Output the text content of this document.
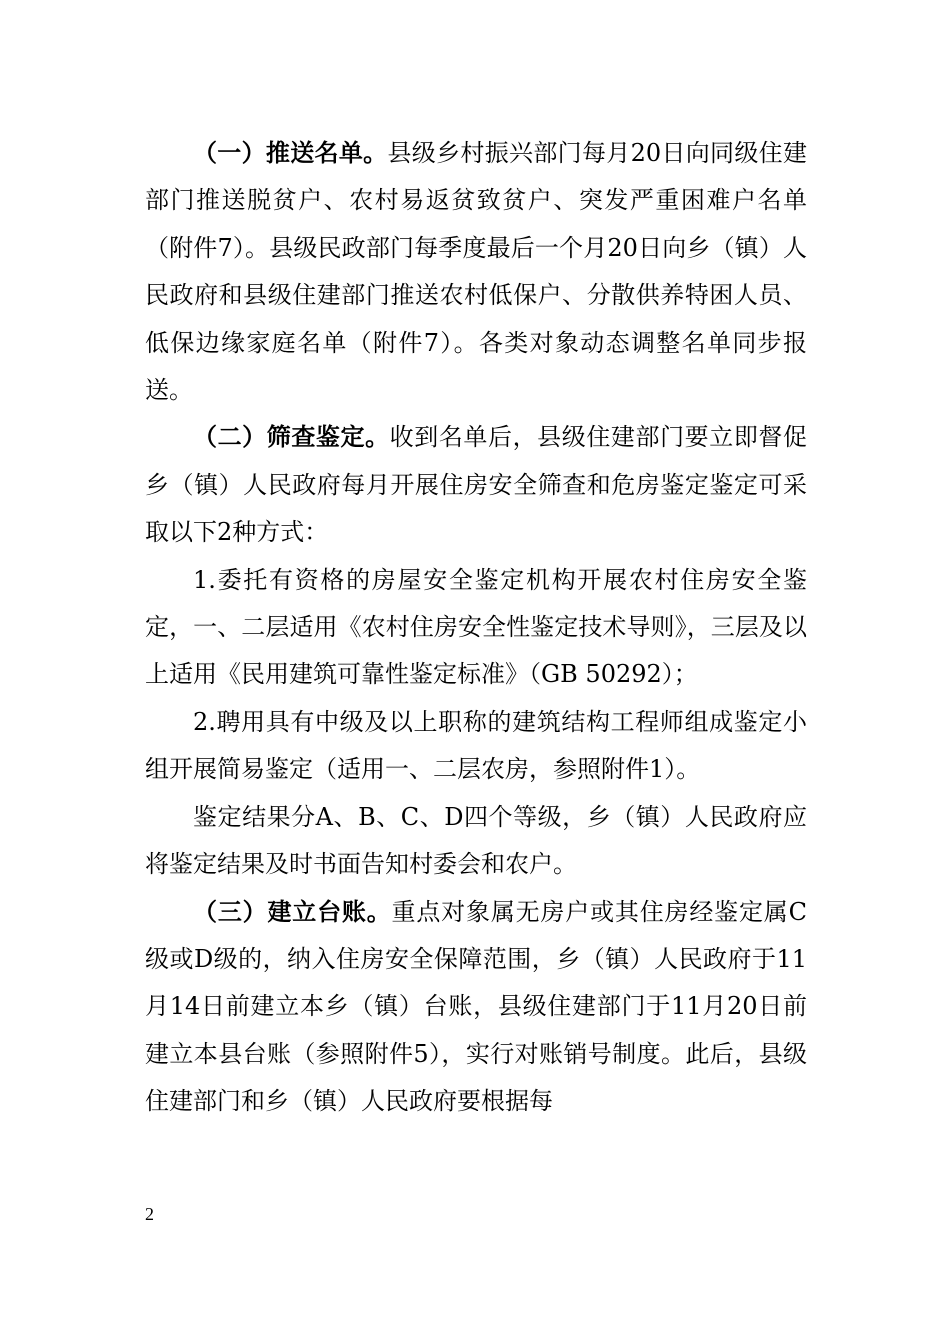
（一）推送名单。县级乡村振兴部门每月20日向同级住建部门推送脱贫户、农村易返贫致贫户、突发严重困难户名单（附件7）。县级民政部门每季度最后一个月20日向乡（镇）人民政府和县级住建部门推送农村低保户、分散供养特困人员、低保边缘家庭名单（附件7）。各类对象动态调整名单同步报送。

（二）筛查鉴定。收到名单后，县级住建部门要立即督促乡（镇）人民政府每月开展住房安全筛查和危房鉴定鉴定可采取以下2种方式：

1.委托有资格的房屋安全鉴定机构开展农村住房安全鉴定，一、二层适用《农村住房安全性鉴定技术导则》，三层及以上适用《民用建筑可靠性鉴定标准》（GB 50292）；

2.聘用具有中级及以上职称的建筑结构工程师组成鉴定小组开展简易鉴定（适用一、二层农房，参照附件1）。

鉴定结果分A、B、C、D四个等级，乡（镇）人民政府应将鉴定结果及时书面告知村委会和农户。

（三）建立台账。重点对象属无房户或其住房经鉴定属C级或D级的，纳入住房安全保障范围，乡（镇）人民政府于11月14日前建立本乡（镇）台账，县级住建部门于11月20日前建立本县台账（参照附件5），实行对账销号制度。此后，县级住建部门和乡（镇）人民政府要根据每

2
